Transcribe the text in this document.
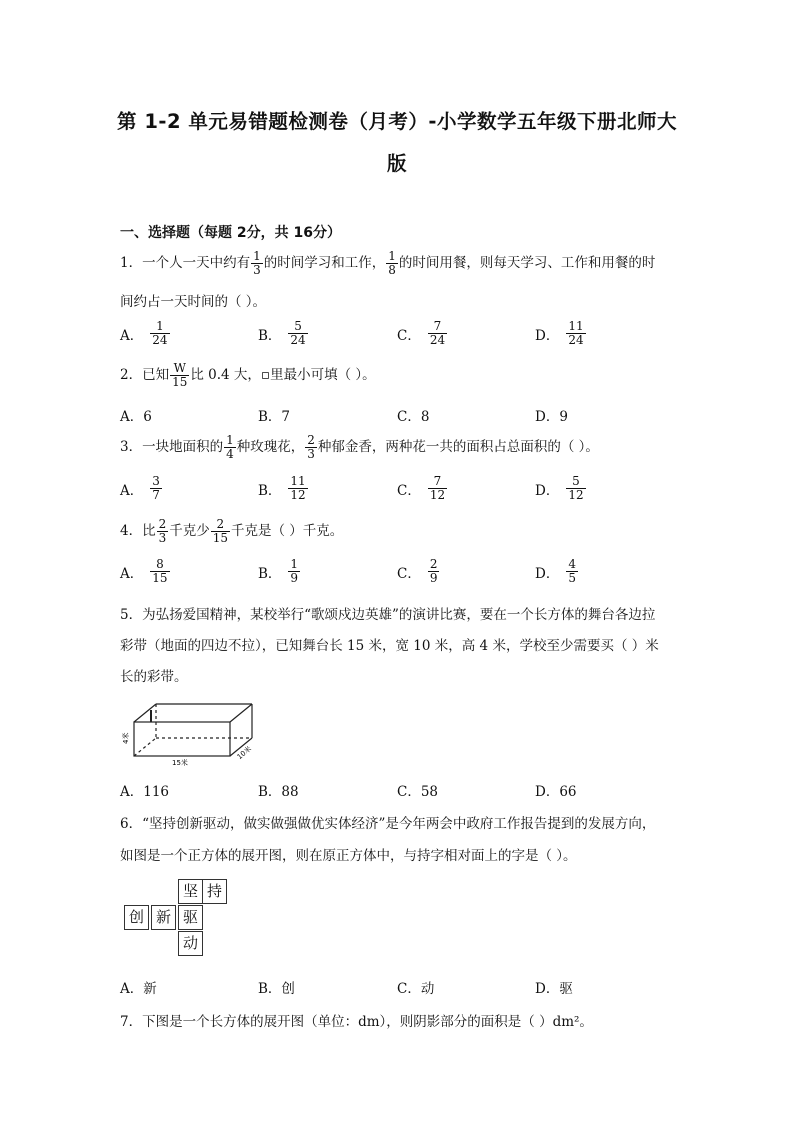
第 1-2 单元易错题检测卷（月考）-小学数学五年级下册北师大
版
一、选择题（每题 2分，共 16分）
1．一个人一天中约有 $\frac{1}{3}$ 的时间学习和工作， $\frac{1}{8}$ 的时间用餐，则每天学习、工作和用餐的时
间约占一天时间的（ ）。
A． $\frac{1}{24}$	B． $\frac{5}{24}$	C． $\frac{7}{24}$	D． $\frac{11}{24}$
2．已知 $\frac{W}{15}$ 比 0.4 大，▫里最小可填（ ）。
A．6	B．7	C．8	D．9
3．一块地面积的 $\frac{1}{4}$ 种玫瑰花， $\frac{2}{3}$ 种郁金香，两种花一共的面积占总面积的（ ）。
A． $\frac{3}{7}$	B． $\frac{11}{12}$	C． $\frac{7}{12}$	D． $\frac{5}{12}$
4．比 $\frac{2}{3}$ 千克少 $\frac{2}{15}$ 千克是（ ）千克。
A． $\frac{8}{15}$	B． $\frac{1}{9}$	C． $\frac{2}{9}$	D． $\frac{4}{5}$
5．为弘扬爱国精神，某校举行“歌颂戍边英雄”的演讲比赛，要在一个长方体的舞台各边拉
彩带（地面的四边不拉），已知舞台长 15 米，宽 10 米，高 4 米，学校至少需要买（ ）米
长的彩带。
4米
15米
10米
A．116	B．88	C．58	D．66
6．“坚持创新驱动，做实做强做优实体经济”是今年两会中政府工作报告提到的发展方向，
如图是一个正方体的展开图，则在原正方体中，与持字相对面上的字是（ ）。
坚 持
创 新 驱
动
A．新	B．创	C．动	D．驱
7．下图是一个长方体的展开图（单位：dm），则阴影部分的面积是（ ）dm²。
